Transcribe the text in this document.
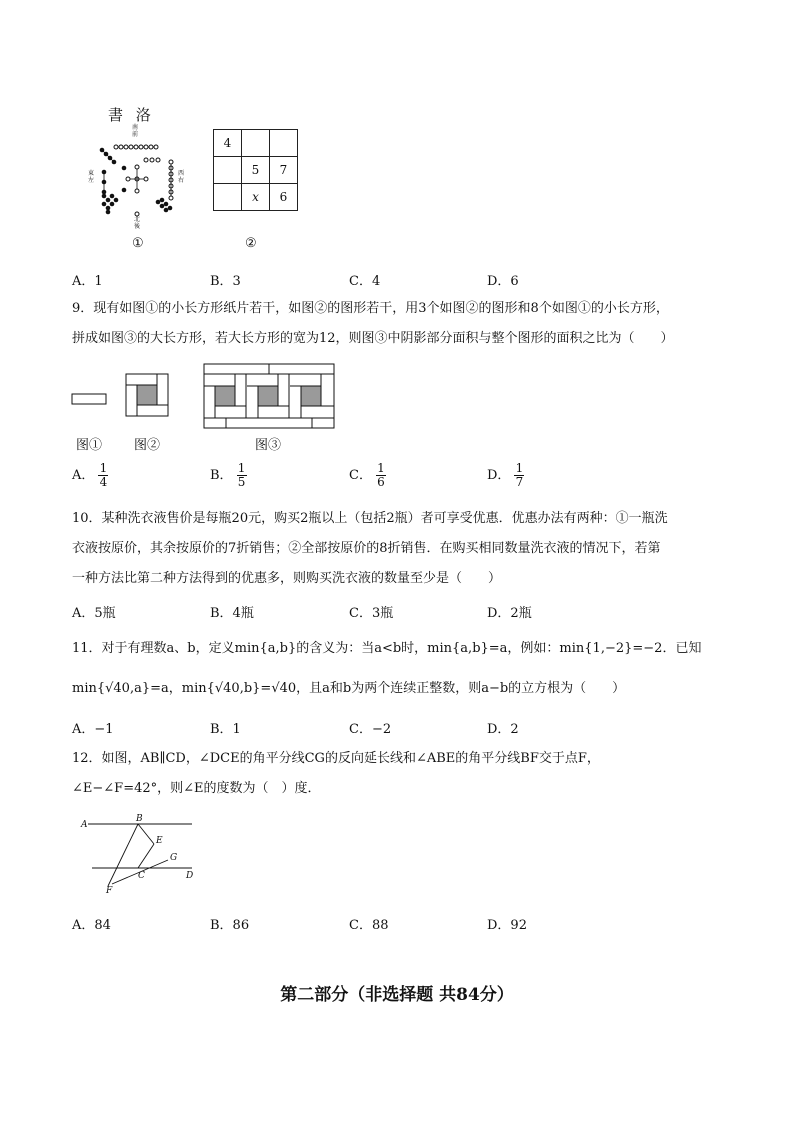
書 洛
南前
東左
西右
北後
①
4		
	5	7
	x	6
②
A．1	B．3	C．4	D．6
9．现有如图①的小长方形纸片若干，如图②的图形若干，用3个如图②的图形和8个如图①的小长方形，
拼成如图③的大长方形，若大长方形的宽为12，则图③中阴影部分面积与整个图形的面积之比为（　　）
图① 图②	图③
A． $\frac{1}{4}$	B． $\frac{1}{5}$	C． $\frac{1}{6}$	D． $\frac{1}{7}$
10．某种洗衣液售价是每瓶20元，购买2瓶以上（包括2瓶）者可享受优惠．优惠办法有两种：①一瓶洗
衣液按原价，其余按原价的7折销售；②全部按原价的8折销售．在购买相同数量洗衣液的情况下，若第
一种方法比第二种方法得到的优惠多，则购买洗衣液的数量至少是（　　）
A．5瓶	B．4瓶	C．3瓶	D．2瓶
11．对于有理数a、b，定义min{a,b}的含义为：当a<b时，min{a,b}=a，例如：min{1,−2}=−2．已知
min{√40,a}=a，min{√40,b}=√40，且a和b为两个连续正整数，则a−b的立方根为（　　）
A．−1	B．1	C．−2	D．2
12．如图，AB∥CD，∠DCE的角平分线CG的反向延长线和∠ABE的角平分线BF交于点F，
∠E−∠F=42°，则∠E的度数为（　）度．
A
B
E
G
F
C	D
A．84	B．86	C．88	D．92
第二部分（非选择题 共84分）
